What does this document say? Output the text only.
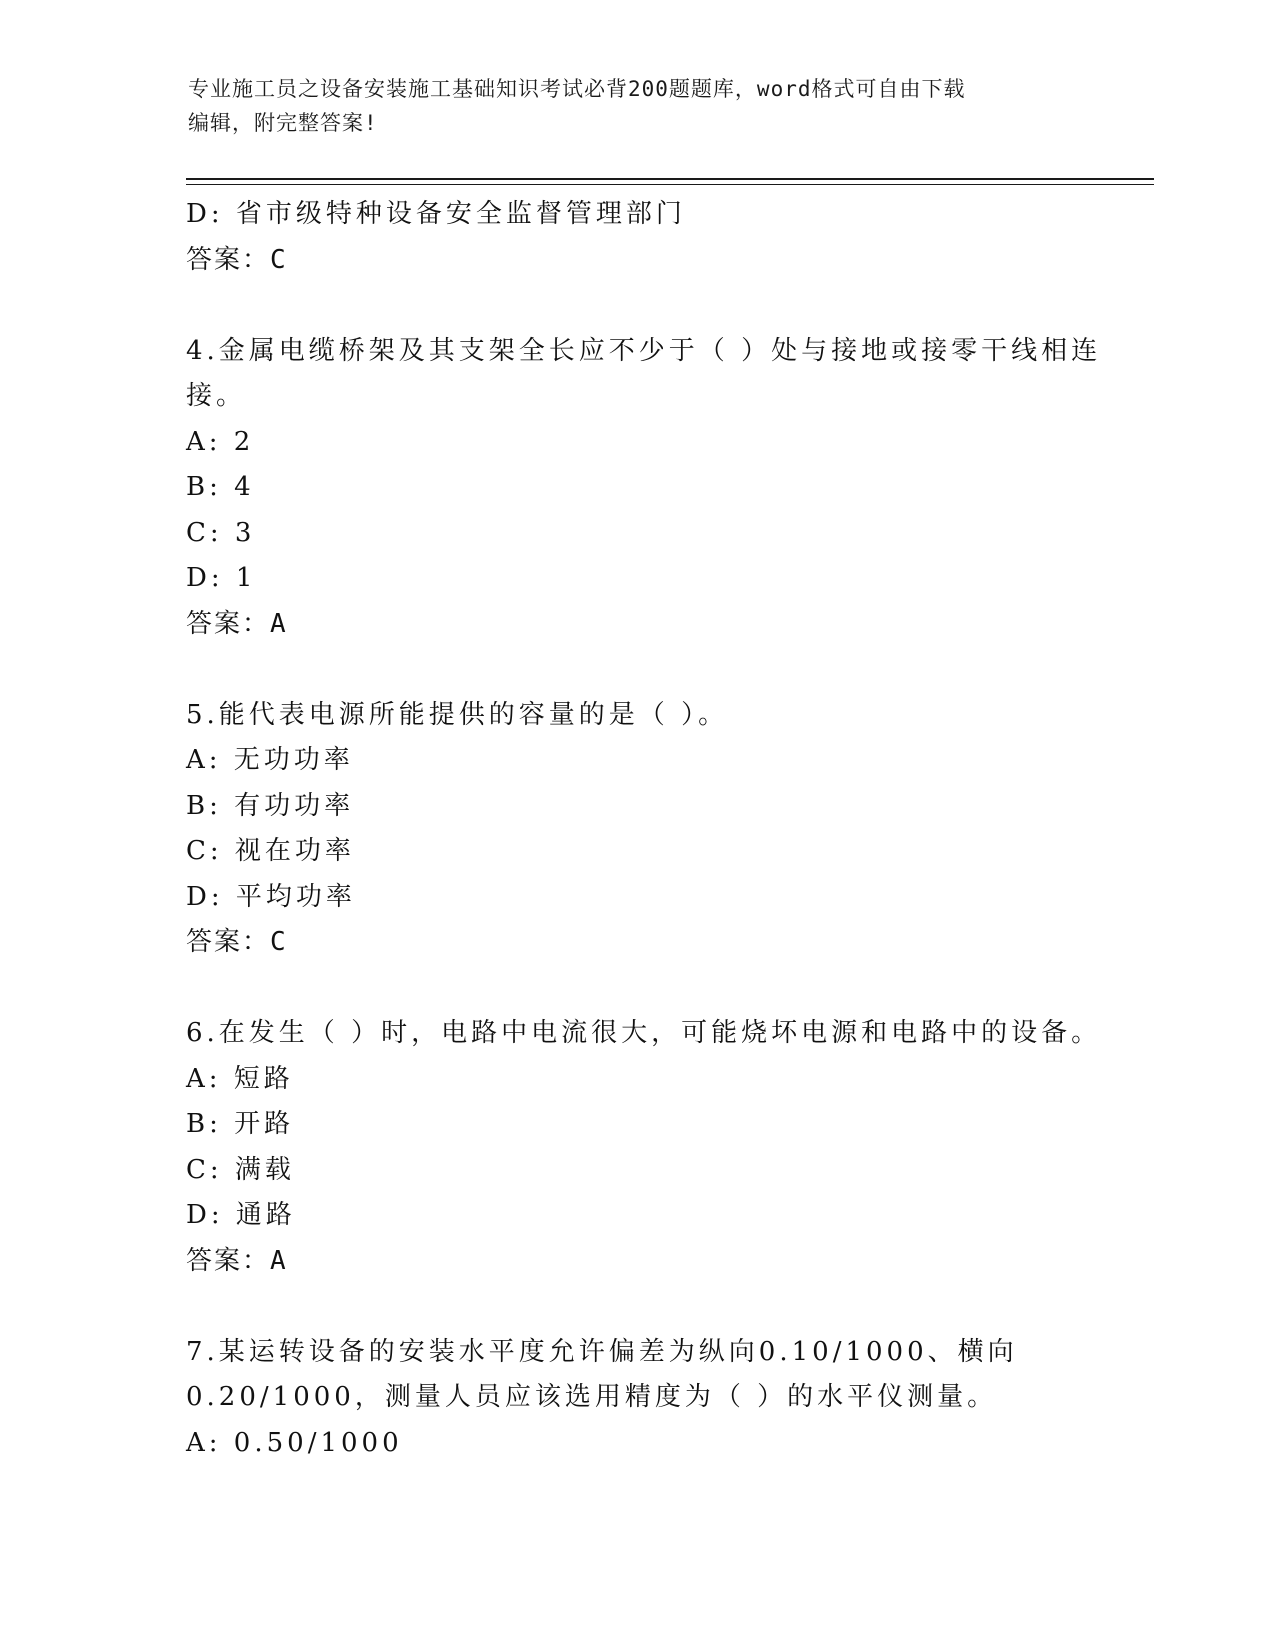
专业施工员之设备安装施工基础知识考试必背200题题库，word格式可自由下载
编辑，附完整答案!

D: 省市级特种设备安全监督管理部门

答案：C

4.金属电缆桥架及其支架全长应不少于（ ）处与接地或接零干线相连

接。

A: 2

B: 4

C: 3

D: 1

答案：A

5.能代表电源所能提供的容量的是（ ）。

A: 无功功率

B: 有功功率

C: 视在功率

D: 平均功率

答案：C

6.在发生（ ）时，电路中电流很大，可能烧坏电源和电路中的设备。

A: 短路

B: 开路

C: 满载

D: 通路

答案：A

7.某运转设备的安装水平度允许偏差为纵向0.10/1000、横向

0.20/1000，测量人员应该选用精度为（ ）的水平仪测量。

A: 0.50/1000
